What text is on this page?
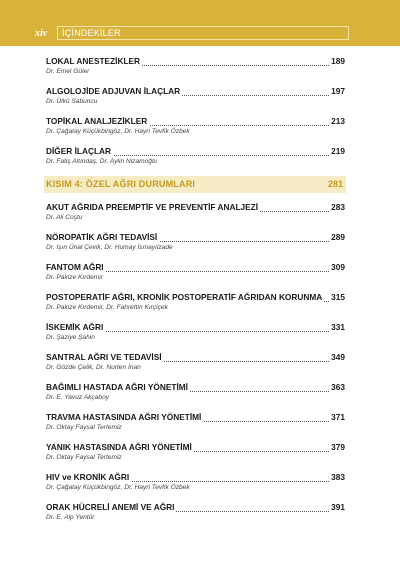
xiv İÇİNDEKİLER
LOKAL ANESTEZİKLER	189
Dr. Emel Güler
ALGOLOJİDE ADJUVAN İLAÇLAR	197
Dr. Ülkü Sabuncu
TOPİKAL ANALJEZİKLER	213
Dr. Çağatay Küçükbingöz, Dr. Hayri Tevfik Özbek
DİĞER İLAÇLAR	219
Dr. Fatiş Altındaş, Dr. Aylin Nizamoğlu
KISIM 4: ÖZEL AĞRI DURUMLARI	281
AKUT AĞRIDA PREEMPTİF VE PREVENTİF ANALJEZİ	283
Dr. Ali Coştu
NÖROPATİK AĞRI TEDAVİSİ	289
Dr. Işın Ünal Çevik, Dr. Humay İsmayılzade
FANTOM AĞRI	309
Dr. Pakize Kırdemir
POSTOPERATİF AĞRI, KRONİK POSTOPERATİF AĞRIDAN KORUNMA 315
Dr. Pakize Kırdemir, Dr. Fahrettin Kırçiçek
İSKEMİK AĞRI	331
Dr. Şaziye Şahin
SANTRAL AĞRI VE TEDAVİSİ	349
Dr. Gözde Çelik, Dr. Nurten İnan
BAĞIMLI HASTADA AĞRI YÖNETİMİ	363
Dr. E. Yavuz Akçaboy
TRAVMA HASTASINDA AĞRI YÖNETİMİ	371
Dr. Oktay Faysal Tertemiz
YANIK HASTASINDA AĞRI YÖNETİMİ	379
Dr. Oktay Faysal Tertemiz
HIV ve KRONİK AĞRI	383
Dr. Çağatay Küçükbingöz, Dr. Hayri Tevfik Özbek
ORAK HÜCRELİ ANEMİ VE AĞRI	391
Dr. E. Alp Yentür
